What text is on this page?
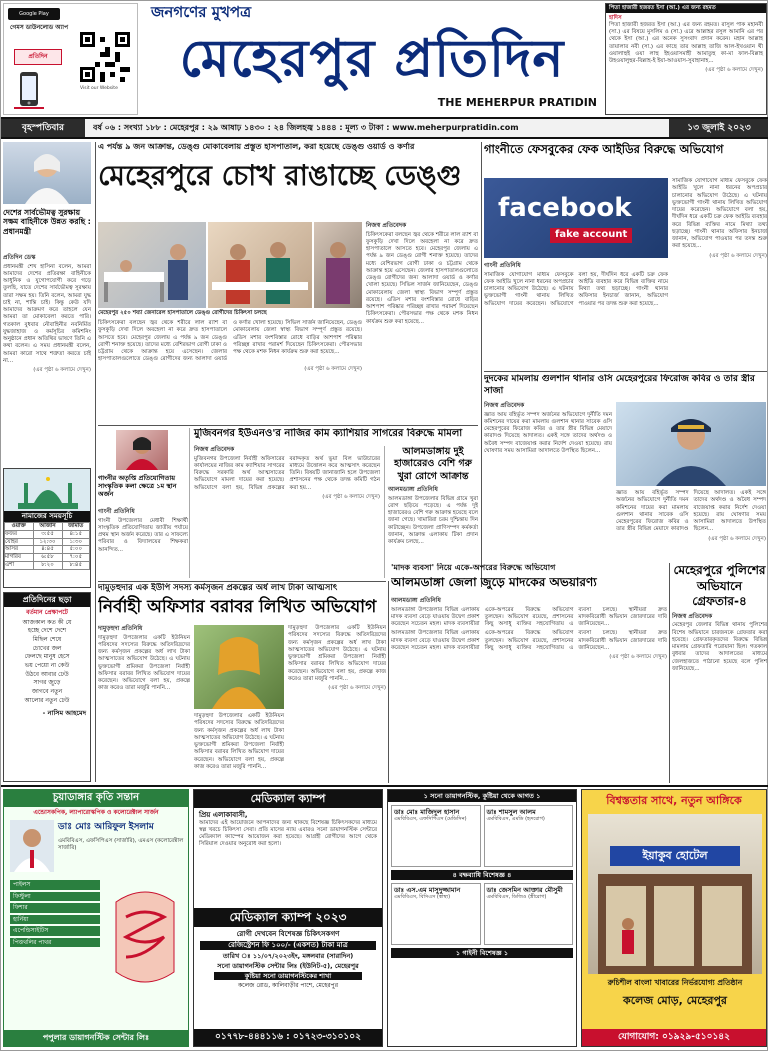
Google Play
গেমস ডাউনলোড অ্যাপ
প্রতিদিন
Visit our Website
জনগণের মুখপত্র
মেহেরপুর প্রতিদিন
THE MEHERPUR PRATIDIN
পিতা হাজারী হজরত ইসা (আ.) এর জন্য রহমত
হাদিস
পিতা হাজারী হজরত ইসা (আ.) এর জন্য রহমত। রাসুল পাক মহানবী (সা.) এর বিষয়ে মুসলিম ও (সা.) এরে আল্লাহর রসুল আমানি এর পর থেকে ইসা (আ.) এর অনেক সুসংবাদ প্রদান করেন। মহান আল্লাহ তায়ালার নবী (সা.) এর কাছে তার আল্লাহ তাজি আল-ইখওয়ান থী ওয়ালাহুই ওয়া লাহু ইহওয়াসমাহী আমাতুহু কা-মা ফাল-বিল্লাহ উহওয়ালুহুর-বিল্লাহ-ই ইয়া-আওয়াস-সুবাহানাহ...
(এর পৃষ্ঠা ৬ কলামে দেখুন)
বৃহস্পতিবার	বর্ষ ০৬ : সংখ্যা ১৮৮ : মেহেরপুর : ২৯ আষাঢ় ১৪৩০ : ২৪ জিলহজ্ব ১৪৪৪ : মূল্য ৩ টাকা : www.meherpurpratidin.com	১৩ জুলাই ২০২৩
দেশের সার্বভৌমত্ব সুরক্ষায় সক্ষম বাহিনীকে উন্নত করছি : প্রধানমন্ত্রী
প্রতিদিন ডেস্ক
প্রধানমন্ত্রী শেখ হাসিনা বলেন, আমরা আমাদের দেশের প্রতিরক্ষা বাহিনীকে আধুনিক ও যুগোপযোগী করে গড়ে তুলছি, যাতে দেশের সার্বভৌমত্ব সুরক্ষায় তারা সক্ষম হয়। তিনি বলেন, আমরা যুদ্ধ চাই না, শান্তি চাই। কিন্তু কেউ যদি আমাদের আক্রমণ করে তাহলে যেন আমরা তা মোকাবেলা করতে পারি। গতকাল বুধবার নৌবাহিনীর নবনির্মিত যুদ্ধজাহাজ ও কর্মসূচির কমিশনিং অনুষ্ঠানে প্রধান অতিথির ভাষণে তিনি এ কথা বলেন। এ সময় প্রধানমন্ত্রী বলেন, আমরা কারো সাথে শত্রুতা করতে চাই না...
(এর পৃষ্ঠা ৬ কলামে দেখুন)
নামাজের সময়সূচি
ওয়াক্ত	আজান	জামাত
ফজর	৩:৫৫	৪:১৫
যোহর	১২:৩০	১:৩০
আসর	৪:৪৫	৫:০০
মাগরিব	৬:৫৮	৭:০৫
এশা	৮:২০	৮:৪৫
প্রতিদিনের ছড়া
বর্তমান প্রেক্ষাপটে
আজকাল কত কী যে
হচ্ছে দেশে দেশে
মিছিল শেষে
চোখের জল
ফেলছে মানুষ হেসে
ভয় পেয়ো না কেউ
উঠবে আবার ঢেউ
সাগর জুড়ে
জাগবে নতুন
আলোর নতুন ঢেউ
- নাসিম আহমেদ
এ পর্যন্ত ৯ জন আক্রান্ত, ডেঙ্গু মোকাবেলায় প্রস্তুত হাসপাতাল, করা হয়েছে ডেঙ্গু ওয়ার্ড ও কর্ণার
মেহেরপুরে চোখ রাঙাচ্ছে ডেঙ্গু
মেহেরপুর ২৫০ শয্যা জেনারেল হাসপাতালে ডেঙ্গু রোগীদের চিকিৎসা চলছে
নিজস্ব প্রতিবেদক
চিকিৎসকেরা বলছেন জ্বর থেকে শরীরে লাল র‍্যাশ বা ফুসকুড়ি দেখা দিলে অবহেলা না করে দ্রুত হাসপাতালে আসতে হবে। মেহেরপুর জেলায় এ পর্যন্ত ৯ জন ডেঙ্গু রোগী শনাক্ত হয়েছে। তাদের মধ্যে বেশিরভাগ রোগী ঢাকা ও চট্টগ্রাম থেকে আক্রান্ত হয়ে এসেছেন। জেলার হাসপাতালগুলোতে ডেঙ্গু রোগীদের জন্য আলাদা ওয়ার্ড ও কর্ণার খোলা হয়েছে। সিভিল সার্জন জানিয়েছেন, ডেঙ্গু মোকাবেলায় জেলা স্বাস্থ্য বিভাগ সম্পূর্ণ প্রস্তুত রয়েছে। এডিস মশার বংশবিস্তার রোধে বাড়ির আশপাশ পরিষ্কার পরিচ্ছন্ন রাখার পরামর্শ দিয়েছেন চিকিৎসকেরা। পৌরসভার পক্ষ থেকে মশক নিধন কার্যক্রম শুরু করা হয়েছে...
চিকিৎসকেরা বলছেন জ্বর থেকে শরীরে লাল র‍্যাশ বা ফুসকুড়ি দেখা দিলে অবহেলা না করে দ্রুত হাসপাতালে আসতে হবে। মেহেরপুর জেলায় এ পর্যন্ত ৯ জন ডেঙ্গু রোগী শনাক্ত হয়েছে। তাদের মধ্যে বেশিরভাগ রোগী ঢাকা ও চট্টগ্রাম থেকে আক্রান্ত হয়ে এসেছেন। জেলার হাসপাতালগুলোতে ডেঙ্গু রোগীদের জন্য আলাদা ওয়ার্ড ও কর্ণার খোলা হয়েছে। সিভিল সার্জন জানিয়েছেন, ডেঙ্গু মোকাবেলায় জেলা স্বাস্থ্য বিভাগ সম্পূর্ণ প্রস্তুত রয়েছে। এডিস মশার বংশবিস্তার রোধে বাড়ির আশপাশ পরিষ্কার পরিচ্ছন্ন রাখার পরামর্শ দিয়েছেন চিকিৎসকেরা। পৌরসভার পক্ষ থেকে মশক নিধন কার্যক্রম শুরু করা হয়েছে...
(এর পৃষ্ঠা ৬ কলামে দেখুন)
গাংনীতে ফেসবুকের ফেক আইডির বিরুদ্ধে অভিযোগ
facebook
fake account
সামাজিক যোগাযোগ মাধ্যম ফেসবুকে ফেক আইডি খুলে নানা ধরনের অপপ্রচার চালানোর অভিযোগ উঠেছে। এ ঘটনায় ভুক্তভোগী গাংনী থানায় লিখিত অভিযোগ দায়ের করেছেন। অভিযোগে বলা হয়, দীর্ঘদিন ধরে একটি চক্র ফেক আইডি ব্যবহার করে বিভিন্ন ব্যক্তির নামে মিথ্যা তথ্য ছড়াচ্ছে। গাংনী থানার অফিসার ইনচার্জ জানান, অভিযোগ পাওয়ার পর তদন্ত শুরু করা হয়েছে...
(এর পৃষ্ঠা ৬ কলামে দেখুন)
গাংনী প্রতিনিধি
সামাজিক যোগাযোগ মাধ্যম ফেসবুকে ফেক আইডি খুলে নানা ধরনের অপপ্রচার চালানোর অভিযোগ উঠেছে। এ ঘটনায় ভুক্তভোগী গাংনী থানায় লিখিত অভিযোগ দায়ের করেছেন। অভিযোগে বলা হয়, দীর্ঘদিন ধরে একটি চক্র ফেক আইডি ব্যবহার করে বিভিন্ন ব্যক্তির নামে মিথ্যা তথ্য ছড়াচ্ছে। গাংনী থানার অফিসার ইনচার্জ জানান, অভিযোগ পাওয়ার পর তদন্ত শুরু করা হয়েছে...
দুদকের মামলায় গুলশান থানার ওসি মেহেরপুরের ফিরোজ কবির ও তার স্ত্রীর সাজা
নিজস্ব প্রতিবেদক
জ্ঞাত আয় বহির্ভূত সম্পদ অর্জনের অভিযোগে দুর্নীতি দমন কমিশনের দায়ের করা মামলায় গুলশান থানার সাবেক ওসি মেহেরপুরের ফিরোজ কবির ও তার স্ত্রীর বিভিন্ন মেয়াদে কারাদণ্ড দিয়েছে আদালত। একই সঙ্গে তাদের অর্থদণ্ড ও অবৈধ সম্পদ বাজেয়াপ্ত করার নির্দেশ দেওয়া হয়েছে। রায় ঘোষণার সময় আসামিরা আদালতে উপস্থিত ছিলেন...
জ্ঞাত আয় বহির্ভূত সম্পদ অর্জনের অভিযোগে দুর্নীতি দমন কমিশনের দায়ের করা মামলায় গুলশান থানার সাবেক ওসি মেহেরপুরের ফিরোজ কবির ও তার স্ত্রীর বিভিন্ন মেয়াদে কারাদণ্ড দিয়েছে আদালত। একই সঙ্গে তাদের অর্থদণ্ড ও অবৈধ সম্পদ বাজেয়াপ্ত করার নির্দেশ দেওয়া হয়েছে। রায় ঘোষণার সময় আসামিরা আদালতে উপস্থিত ছিলেন...
(এর পৃষ্ঠা ৬ কলামে দেখুন)
মুজিবনগর ইউএনও'র নাজির কাম ক্যাশিয়ার সাগরের বিরুদ্ধে মামলা
নিজস্ব প্রতিবেদক
মুজিবনগর উপজেলা নির্বাহী অফিসারের কার্যালয়ের নাজির কাম ক্যাশিয়ার সাগরের বিরুদ্ধে সরকারি অর্থ আত্মসাতের অভিযোগে মামলা দায়ের করা হয়েছে। অভিযোগে বলা হয়, বিভিন্ন প্রকল্পের বরাদ্দকৃত অর্থ ভুয়া বিল ভাউচারের মাধ্যমে উত্তোলন করে আত্মসাৎ করেছেন তিনি। বিষয়টি জানাজানি হলে উপজেলা প্রশাসনের পক্ষ থেকে তদন্ত কমিটি গঠন করা হয়...
(এর পৃষ্ঠা ৬ কলামে দেখুন)
গাংনীর অতৃপ্তি প্রতিযোগিতায় সাংস্কৃতিক কলা ক্ষেত্রে ১ম স্থান অর্জন
গাংনী প্রতিনিধি
গাংনী উপজেলার মেধাবী শিক্ষার্থী সাংস্কৃতিক প্রতিযোগিতায় জাতীয় পর্যায়ে প্রথম স্থান অর্জন করেছে। তার এ সাফল্যে পরিবার ও বিদ্যালয়ের শিক্ষকরা আনন্দিত...
আলমডাঙ্গায় দুই হাজারেরও বেশি গরু খুরা রোগে আক্রান্ত
আলমডাঙ্গা প্রতিনিধি
আলমডাঙ্গা উপজেলার বিভিন্ন গ্রামে খুরা রোগ ছড়িয়ে পড়েছে। এ পর্যন্ত দুই হাজারেরও বেশি গরু আক্রান্ত হয়েছে বলে জানা গেছে। খামারিরা চরম দুশ্চিন্তায় দিন কাটাচ্ছেন। উপজেলা প্রাণিসম্পদ কর্মকর্তা জানান, আক্রান্ত এলাকায় টিকা প্রদান কার্যক্রম চলছে...
দামুড়হুদার এক ইউপি সদস্য কর্মসৃজন প্রকল্পের অর্ধ লাখ টাকা আত্মসাৎ
নির্বাহী অফিসার বরাবর লিখিত অভিযোগ
দামুড়হুদা প্রতিনিধি
দামুড়হুদা উপজেলার একটি ইউনিয়ন পরিষদের সদস্যের বিরুদ্ধে অতিদরিদ্রদের জন্য কর্মসৃজন প্রকল্পের অর্ধ লাখ টাকা আত্মসাতের অভিযোগ উঠেছে। এ ঘটনায় ভুক্তভোগী শ্রমিকরা উপজেলা নির্বাহী অফিসার বরাবর লিখিত অভিযোগ দায়ের করেছেন। অভিযোগে বলা হয়, প্রকল্পে কাজ করেও তারা মজুরি পাননি...
দামুড়হুদা উপজেলার একটি ইউনিয়ন পরিষদের সদস্যের বিরুদ্ধে অতিদরিদ্রদের জন্য কর্মসৃজন প্রকল্পের অর্ধ লাখ টাকা আত্মসাতের অভিযোগ উঠেছে। এ ঘটনায় ভুক্তভোগী শ্রমিকরা উপজেলা নির্বাহী অফিসার বরাবর লিখিত অভিযোগ দায়ের করেছেন। অভিযোগে বলা হয়, প্রকল্পে কাজ করেও তারা মজুরি পাননি...
(এর পৃষ্ঠা ৬ কলামে দেখুন)
দামুড়হুদা উপজেলার একটি ইউনিয়ন পরিষদের সদস্যের বিরুদ্ধে অতিদরিদ্রদের জন্য কর্মসৃজন প্রকল্পের অর্ধ লাখ টাকা আত্মসাতের অভিযোগ উঠেছে। এ ঘটনায় ভুক্তভোগী শ্রমিকরা উপজেলা নির্বাহী অফিসার বরাবর লিখিত অভিযোগ দায়ের করেছেন। অভিযোগে বলা হয়, প্রকল্পে কাজ করেও তারা মজুরি পাননি...
'মাদক ব্যবসা' নিয়ে একে-অপরের বিরুদ্ধে অভিযোগ
আলমডাঙ্গা জেলা জুড়ে মাদকের অভয়ারণ্য
আলমডাঙ্গা প্রতিনিধি
আলমডাঙ্গা উপজেলার বিভিন্ন এলাকায় মাদক ব্যবসা বেড়ে যাওয়ায় উদ্বেগ প্রকাশ করেছেন সচেতন মহল। মাদক ব্যবসায়ীরা একে-অপরের বিরুদ্ধে অভিযোগ তুলছেন। অভিযোগ রয়েছে, প্রশাসনের কিছু অসাধু ব্যক্তির সহযোগিতায় এ ব্যবসা চলছে। স্থানীয়রা দ্রুত মাদকবিরোধী অভিযান জোরদারের দাবি জানিয়েছেন...
আলমডাঙ্গা উপজেলার বিভিন্ন এলাকায় মাদক ব্যবসা বেড়ে যাওয়ায় উদ্বেগ প্রকাশ করেছেন সচেতন মহল। মাদক ব্যবসায়ীরা একে-অপরের বিরুদ্ধে অভিযোগ তুলছেন। অভিযোগ রয়েছে, প্রশাসনের কিছু অসাধু ব্যক্তির সহযোগিতায় এ ব্যবসা চলছে। স্থানীয়রা দ্রুত মাদকবিরোধী অভিযান জোরদারের দাবি জানিয়েছেন...
(এর পৃষ্ঠা ৬ কলামে দেখুন)
মেহেরপুরে পুলিশের অভিযানে গ্রেফতার-৪
নিজস্ব প্রতিবেদক
মেহেরপুর জেলার বিভিন্ন থানায় পুলিশের বিশেষ অভিযানে চারজনকে গ্রেফতার করা হয়েছে। গ্রেফতারকৃতদের বিরুদ্ধে বিভিন্ন মামলায় গ্রেফতারি পরোয়ানা ছিল। গতকাল বুধবার তাদের আদালতের মাধ্যমে জেলহাজতে পাঠানো হয়েছে বলে পুলিশ জানিয়েছে...
চুয়াডাঙ্গার কৃতি সন্তান
এন্ডোসকপিক, ল্যাপারোস্কপিক ও কলোরেক্টাল সার্জন
ডাঃ মোঃ আরিফুল ইসলাম
এমবিবিএস, এফসিপিএস (সার্জারি), এমএস (কলোরেক্টাল সার্জারি)
পাইলস
ফিস্টুলা
ফিশার
হার্নিয়া
এপেন্ডিসাইটিস
পিত্তথলির পাথর
পপুলার ডায়াগনস্টিক সেন্টার লিঃ
মেডিক্যাল ক্যাম্প
প্রিয় এলাকাবাসী,
আমাদের এই আয়োজনে আপনাদের জন্য থাকছে বিশেষজ্ঞ চিকিৎসকদের মাধ্যমে স্বল্প খরচে চিকিৎসা সেবা। প্রতি মাসের ন্যায় এবারও সনো ডায়াগনস্টিক সেন্টারে মেডিক্যাল ক্যাম্পের আয়োজন করা হয়েছে। আগ্রহী রোগীদের আগে থেকে সিরিয়াল দেওয়ার অনুরোধ করা হলো।
মেডিক্যাল ক্যাম্প ২০২৩
রোগী দেখবেন বিশেষজ্ঞ চিকিৎসকগণ
রেজিস্ট্রেশন ফি ১০০/- (একশত) টাকা মাত্র
তারিখ ঃ ১১/০৭/২০২৩ইং, মঙ্গলবার (সারাদিন)
সনো ডায়াগনস্টিক সেন্টার লিঃ (ইউনিট-৫), মেহেরপুর
কুষ্টিয়া সনো ডায়াগনস্টিকের শাখা
কলেজ রোড, কালিবাড়ীর পাশে, মেহেরপুর
০১৭৭৮-৪৪৪১১৬ : ০১৭২৩-৩১০১০২
১ সনো ডায়াগনস্টিক, কুষ্টিয়া থেকে আগত ১
ডাঃ মোঃ মাজিদুল হাসান
এমবিবিএস, এফসিপিএস (মেডিসিন)
ডাঃ শামসুল আলম
এমবিবিএস, এমডি (হৃদরোগ)
৪ বক্ষব্যাধি বিশেষজ্ঞ ৪
ডাঃ এস.এম মাসুদুজ্জামান
এমবিবিএস, বিসিএস (স্বাস্থ্য)
ডাঃ জেসমিন আক্তার মৌসুমী
এমবিবিএস, ডিজিও (স্ত্রীরোগ)
১ গাইনী বিশেষজ্ঞ ১
বিশ্বস্ততার সাথে, নতুন আঙ্গিকে
ইয়াকুব হোটেল
রুচিশীল বাংলা খাবারের নির্ভরযোগ্য প্রতিষ্ঠান
কলেজ মোড়, মেহেরপুর
যোগাযোগ: ০১৯২৯-৫১০১৪২
